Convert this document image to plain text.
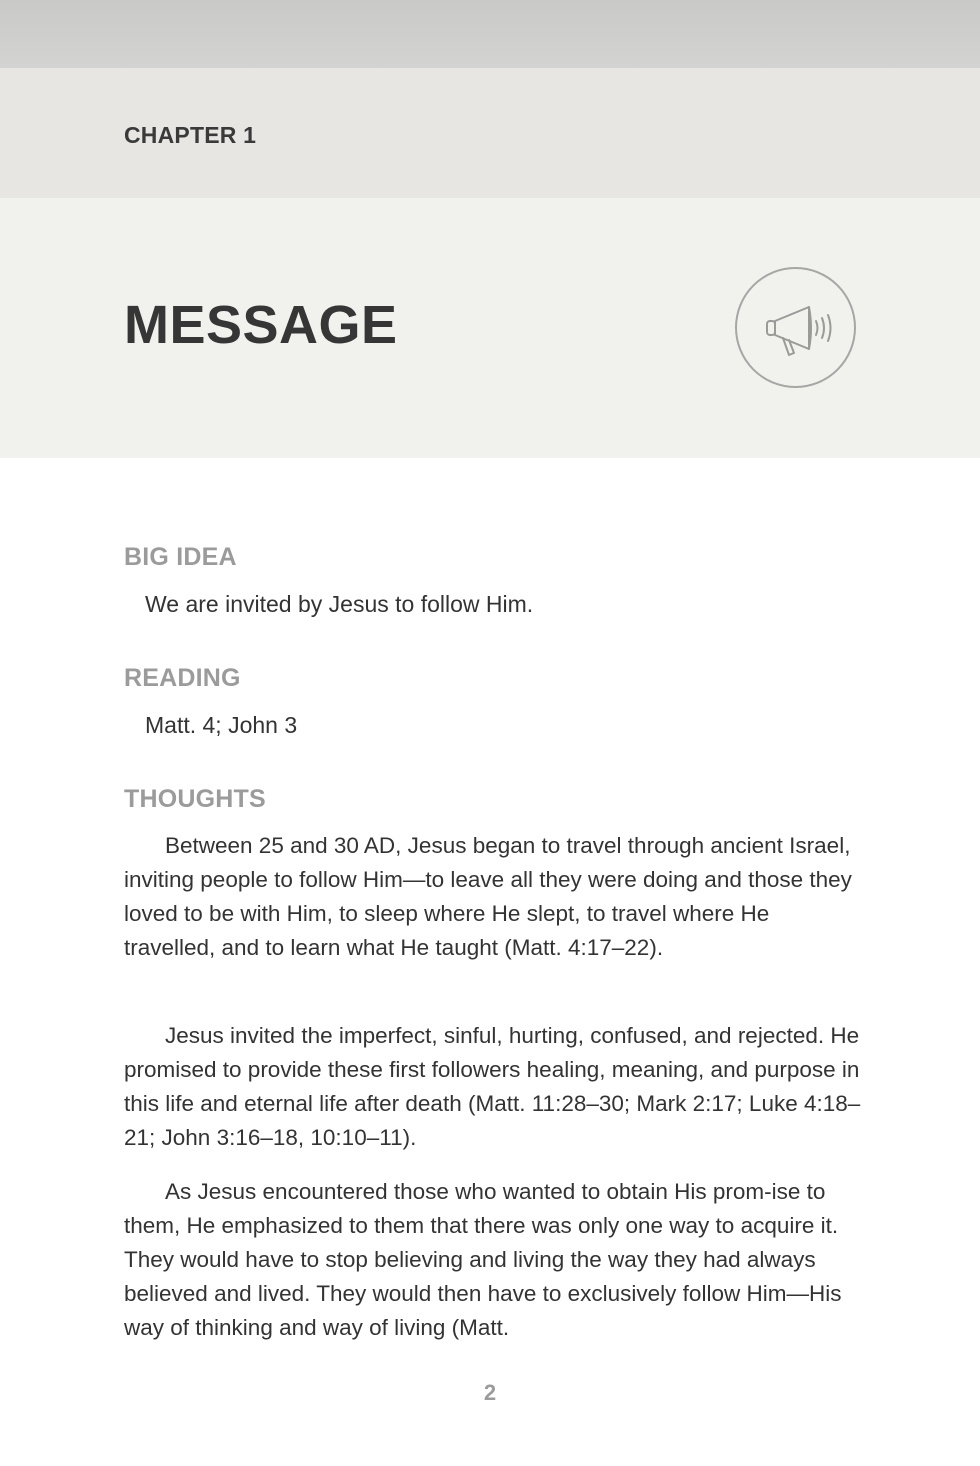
CHAPTER 1
MESSAGE
BIG IDEA
We are invited by Jesus to follow Him.
READING
Matt. 4; John 3
THOUGHTS

Between 25 and 30 AD, Jesus began to travel through ancient Israel, inviting people to follow Him—to leave all they were doing and those they loved to be with Him, to sleep where He slept, to travel where He travelled, and to learn what He taught (Matt. 4:17–22).

Jesus invited the imperfect, sinful, hurting, confused, and rejected. He promised to provide these first followers healing, meaning, and purpose in this life and eternal life after death (Matt. 11:28–30; Mark 2:17; Luke 4:18–21; John 3:16–18, 10:10–11).

As Jesus encountered those who wanted to obtain His prom-ise to them, He emphasized to them that there was only one way to acquire it. They would have to stop believing and living the way they had always believed and lived. They would then have to exclusively follow Him—His way of thinking and way of living (Matt.

2
